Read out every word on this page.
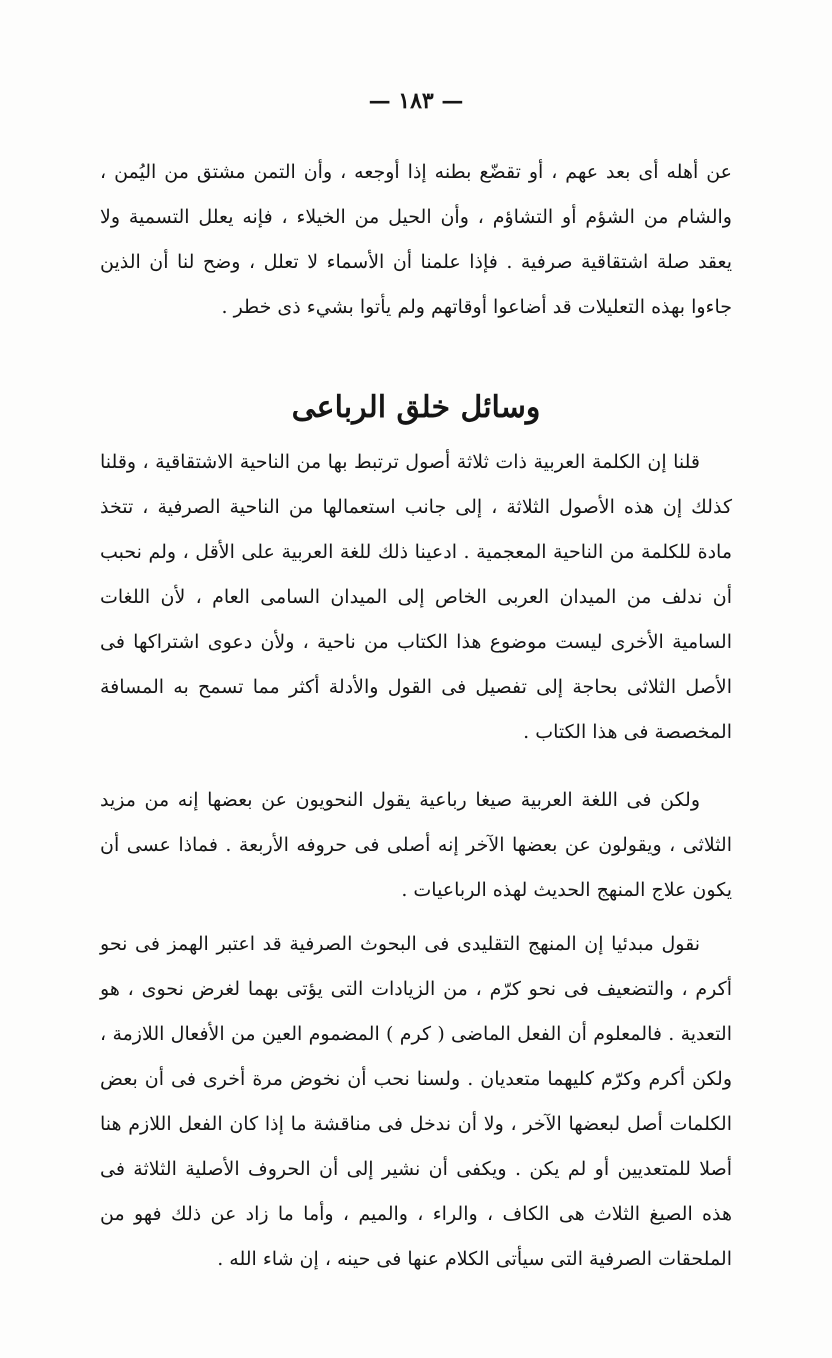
— ١٨٣ —

عن أهله أى بعد عهم ، أو تقضّع بطنه إذا أوجعه ، وأن التمن مشتق من اليُمن ، والشام من الشؤم أو التشاؤم ، وأن الحيل من الخيلاء ، فإنه يعلل التسمية ولا يعقد صلة اشتقاقية صرفية . فإذا علمنا أن الأسماء لا تعلل ، وضح لنا أن الذين جاءوا بهذه التعليلات قد أضاعوا أوقاتهم ولم يأتوا بشيء ذى خطر .

وسائل خلق الرباعى

قلنا إن الكلمة العربية ذات ثلاثة أصول ترتبط بها من الناحية الاشتقاقية ، وقلنا كذلك إن هذه الأصول الثلاثة ، إلى جانب استعمالها من الناحية الصرفية ، تتخذ مادة للكلمة من الناحية المعجمية . ادعينا ذلك للغة العربية على الأقل ، ولم نحبب أن ندلف من الميدان العربى الخاص إلى الميدان السامى العام ، لأن اللغات السامية الأخرى ليست موضوع هذا الكتاب من ناحية ، ولأن دعوى اشتراكها فى الأصل الثلاثى بحاجة إلى تفصيل فى القول والأدلة أكثر مما تسمح به المسافة المخصصة فى هذا الكتاب .

ولكن فى اللغة العربية صيغا رباعية يقول النحويون عن بعضها إنه من مزيد الثلاثى ، ويقولون عن بعضها الآخر إنه أصلى فى حروفه الأربعة . فماذا عسى أن يكون علاج المنهج الحديث لهذه الرباعيات .

نقول مبدئيا إن المنهج التقليدى فى البحوث الصرفية قد اعتبر الهمز فى نحو أكرم ، والتضعيف فى نحو كرّم ، من الزيادات التى يؤتى بهما لغرض نحوى ، هو التعدية . فالمعلوم أن الفعل الماضى ( كرم ) المضموم العين من الأفعال اللازمة ، ولكن أكرم وكرّم كليهما متعديان . ولسنا نحب أن نخوض مرة أخرى فى أن بعض الكلمات أصل لبعضها الآخر ، ولا أن ندخل فى مناقشة ما إذا كان الفعل اللازم هنا أصلا للمتعديين أو لم يكن . ويكفى أن نشير إلى أن الحروف الأصلية الثلاثة فى هذه الصيغ الثلاث هى الكاف ، والراء ، والميم ، وأما ما زاد عن ذلك فهو من الملحقات الصرفية التى سيأتى الكلام عنها فى حينه ، إن شاء الله .
